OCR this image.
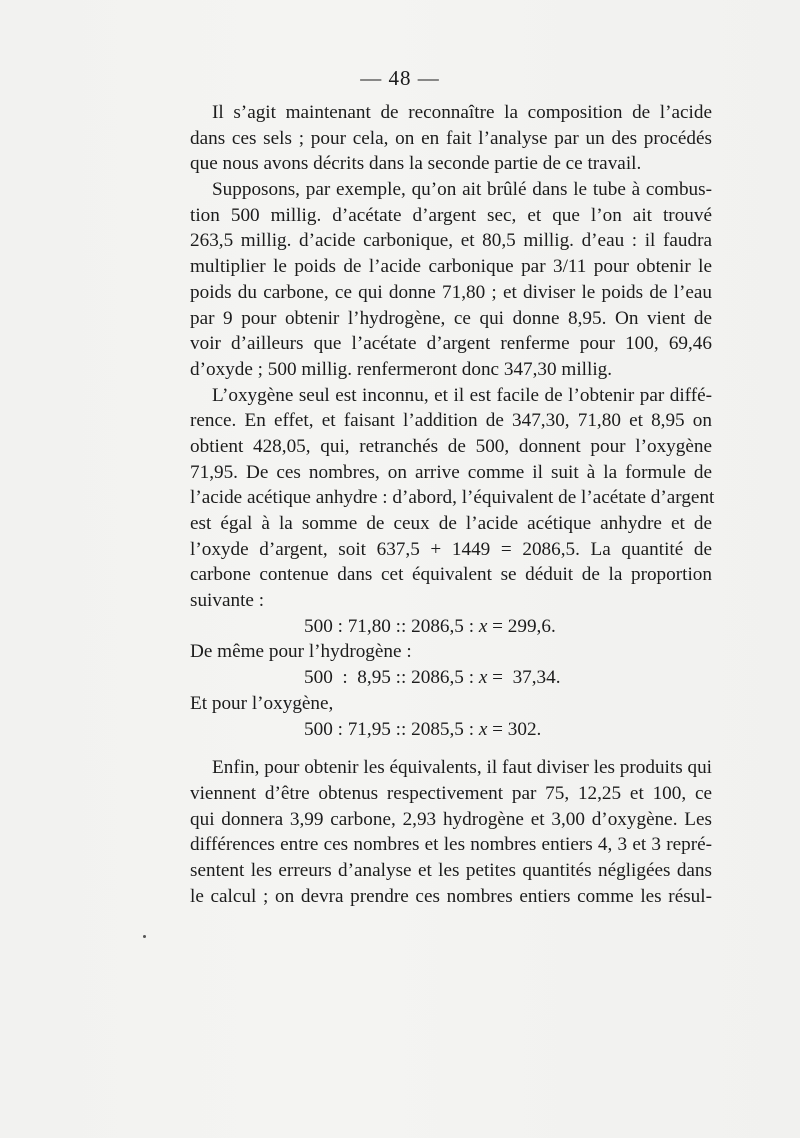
— 48 —
Il s’agit maintenant de reconnaître la composition de l’acide
dans ces sels ; pour cela, on en fait l’analyse par un des procédés
que nous avons décrits dans la seconde partie de ce travail.
Supposons, par exemple, qu’on ait brûlé dans le tube à combus-
tion 500 millig. d’acétate d’argent sec, et que l’on ait trouvé
263,5 millig. d’acide carbonique, et 80,5 millig. d’eau : il faudra
multiplier le poids de l’acide carbonique par 3/11 pour obtenir le
poids du carbone, ce qui donne 71,80 ; et diviser le poids de l’eau
par 9 pour obtenir l’hydrogène, ce qui donne 8,95. On vient de
voir d’ailleurs que l’acétate d’argent renferme pour 100, 69,46
d’oxyde ; 500 millig. renfermeront donc 347,30 millig.
L’oxygène seul est inconnu, et il est facile de l’obtenir par diffé-
rence. En effet, et faisant l’addition de 347,30, 71,80 et 8,95 on
obtient 428,05, qui, retranchés de 500, donnent pour l’oxygène
71,95. De ces nombres, on arrive comme il suit à la formule de
l’acide acétique anhydre : d’abord, l’équivalent de l’acétate d’argent
est égal à la somme de ceux de l’acide acétique anhydre et de
l’oxyde d’argent, soit 637,5 + 1449 = 2086,5. La quantité de
carbone contenue dans cet équivalent se déduit de la proportion
suivante :
500 : 71,80 :: 2086,5 : x = 299,6.
De même pour l’hydrogène :
500  :  8,95 :: 2086,5 : x =  37,34.
Et pour l’oxygène,
500 : 71,95 :: 2085,5 : x = 302.
Enfin, pour obtenir les équivalents, il faut diviser les produits qui
viennent d’être obtenus respectivement par 75, 12,25 et 100, ce
qui donnera 3,99 carbone, 2,93 hydrogène et 3,00 d’oxygène. Les
différences entre ces nombres et les nombres entiers 4, 3 et 3 repré-
sentent les erreurs d’analyse et les petites quantités négligées dans
le calcul ; on devra prendre ces nombres entiers comme les résul-
